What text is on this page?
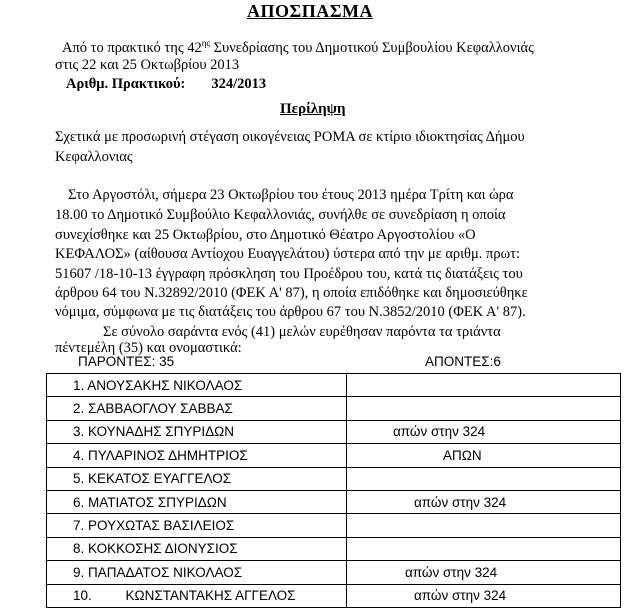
ΑΠΟΣΠΑΣΜΑ
Από το πρακτικό της $42^{\eta\varsigma}$ Συνεδρίασης του Δημοτικού Συμβουλίου Κεφαλλονιάς
στις 22 και 25 Οκτωβρίου 2013
Αριθμ. Πρακτικού: 324/2013
Περίληψη
Σχετικά με προσωρινή στέγαση οικογένειας ΡΟΜΑ σε κτίριο ιδιοκτησίας Δήμου
Κεφαλλονιας
Στο Αργοστόλι, σήμερα 23 Οκτωβρίου του έτους 2013 ημέρα Τρίτη και ώρα
18.00 το Δημοτικό Συμβούλιο Κεφαλλονιάς, συνήλθε σε συνεδρίαση η οποία
συνεχίσθηκε και 25 Οκτωβρίου, στο Δημοτικό Θέατρο Αργοστολίου «Ο
ΚΕΦΑΛΟΣ» (αίθουσα Αντίοχου Ευαγγελάτου) ύστερα από την με αριθμ. πρωτ:
51607 /18-10-13 έγγραφη πρόσκληση του Προέδρου του, κατά τις διατάξεις του
άρθρου 64 του Ν.32892/2010 (ΦΕΚ Α' 87), η οποία επιδόθηκε και δημοσιεύθηκε
νόμιμα, σύμφωνα με τις διατάξεις του άρθρου 67 του Ν.3852/2010 (ΦΕΚ Α' 87).
Σε σύνολο σαράντα ενός (41) μελών ευρέθησαν παρόντα τα τριάντα
πέντεμέλη (35) και ονομαστικά:
ΠΑΡΟΝΤΕΣ: 35	ΑΠΟΝΤΕΣ:6
1. ΑΝΟΥΣΑΚΗΣ ΝΙΚΟΛΑΟΣ	
2. ΣΑΒΒΑΟΓΛΟΥ ΣΑΒΒΑΣ	
3. ΚΟΥΝΑΔΗΣ ΣΠΥΡΙΔΩΝ	απών στην 324
4. ΠΥΛΑΡΙΝΟΣ ΔΗΜΗΤΡΙΟΣ	ΑΠΩΝ
5. ΚΕΚΑΤΟΣ ΕΥΑΓΓΕΛΟΣ	
6. ΜΑΤΙΑΤΟΣ ΣΠΥΡΙΔΩΝ	απών στην 324
7. ΡΟΥΧΩΤΑΣ ΒΑΣΙΛΕΙΟΣ	
8. ΚΟΚΚΟΣΗΣ ΔΙΟΝΥΣΙΟΣ	
9. ΠΑΠΑΔΑΤΟΣ ΝΙΚΟΛΑΟΣ	απών στην 324
10.         ΚΩΝΣΤΑΝΤΑΚΗΣ ΑΓΓΕΛΟΣ	απών στην 324
